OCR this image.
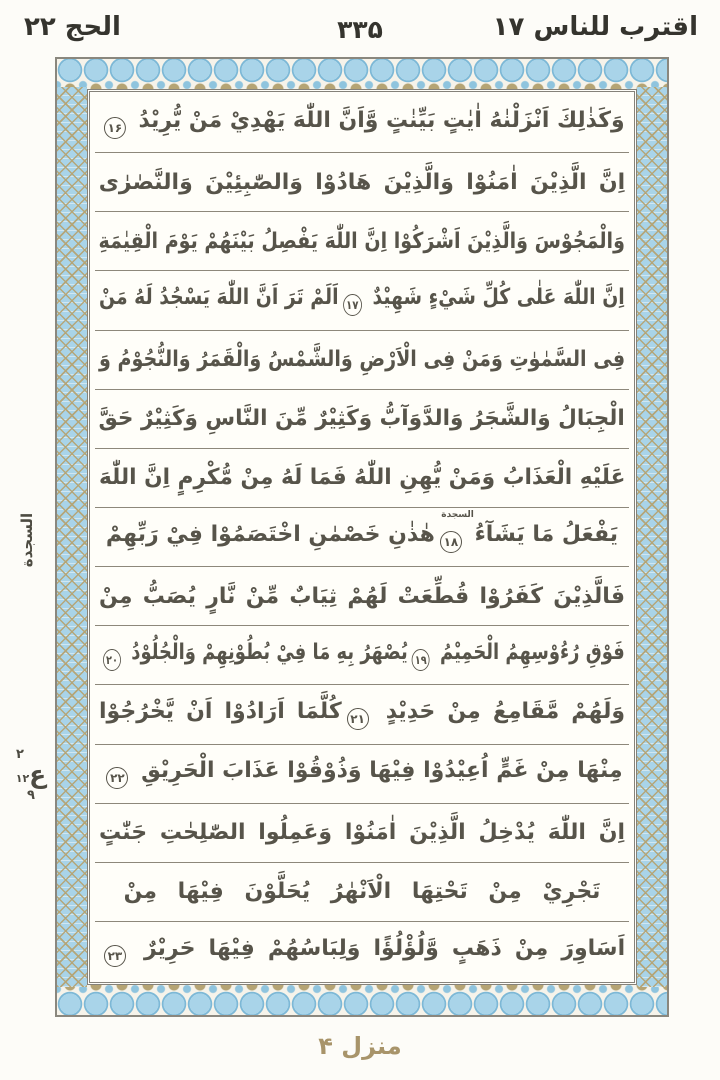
اقترب للناس ۱۷
۳۳۵
الحج ۲۲
السجدة
۲
ع۱۲
۹
وَكَذٰلِكَ اَنْزَلْنٰهُ اٰيٰتٍ بَيِّنٰتٍ وَّاَنَّ اللّٰهَ يَهْدِيْ مَنْ يُّرِيْدُ ۱۶
اِنَّ الَّذِيْنَ اٰمَنُوْا وَالَّذِيْنَ هَادُوْا وَالصّٰبِئِيْنَ وَالنَّصٰرٰى
وَالْمَجُوْسَ وَالَّذِيْنَ اَشْرَكُوْا اِنَّ اللّٰهَ يَفْصِلُ بَيْنَهُمْ يَوْمَ الْقِيٰمَةِ
اِنَّ اللّٰهَ عَلٰى كُلِّ شَيْءٍ شَهِيْدٌ ۱۷اَلَمْ تَرَ اَنَّ اللّٰهَ يَسْجُدُ لَهُ مَنْ
فِى السَّمٰوٰتِ وَمَنْ فِى الْاَرْضِ وَالشَّمْسُ وَالْقَمَرُ وَالنُّجُوْمُ وَ
الْجِبَالُ وَالشَّجَرُ وَالدَّوَآبُّ وَكَثِيْرٌ مِّنَ النَّاسِ وَكَثِيْرٌ حَقَّ
عَلَيْهِ الْعَذَابُ وَمَنْ يُّهِنِ اللّٰهُ فَمَا لَهُ مِنْ مُّكْرِمٍ اِنَّ اللّٰهَ
يَفْعَلُ مَا يَشَآءُ
السجدة
۱۸هٰذٰنِ خَصْمٰنِ اخْتَصَمُوْا فِيْ رَبِّهِمْ
فَالَّذِيْنَ كَفَرُوْا قُطِّعَتْ لَهُمْ ثِيَابٌ مِّنْ نَّارٍ يُصَبُّ مِنْ
فَوْقِ رُءُوْسِهِمُ الْحَمِيْمُ ۱۹يُصْهَرُ بِهِ مَا فِيْ بُطُوْنِهِمْ وَالْجُلُوْدُ ۲۰
وَلَهُمْ مَّقَامِعُ مِنْ حَدِيْدٍ ۲۱كُلَّمَا اَرَادُوْا اَنْ يَّخْرُجُوْا
مِنْهَا مِنْ غَمٍّ اُعِيْدُوْا فِيْهَا وَذُوْقُوْا عَذَابَ الْحَرِيْقِ ۲۲
اِنَّ اللّٰهَ يُدْخِلُ الَّذِيْنَ اٰمَنُوْا وَعَمِلُوا الصّٰلِحٰتِ جَنّٰتٍ
تَجْرِيْ مِنْ تَحْتِهَا الْاَنْهٰرُ يُحَلَّوْنَ فِيْهَا مِنْ
اَسَاوِرَ مِنْ ذَهَبٍ وَّلُؤْلُؤًا وَلِبَاسُهُمْ فِيْهَا حَرِيْرٌ ۲۳
منزل ۴
